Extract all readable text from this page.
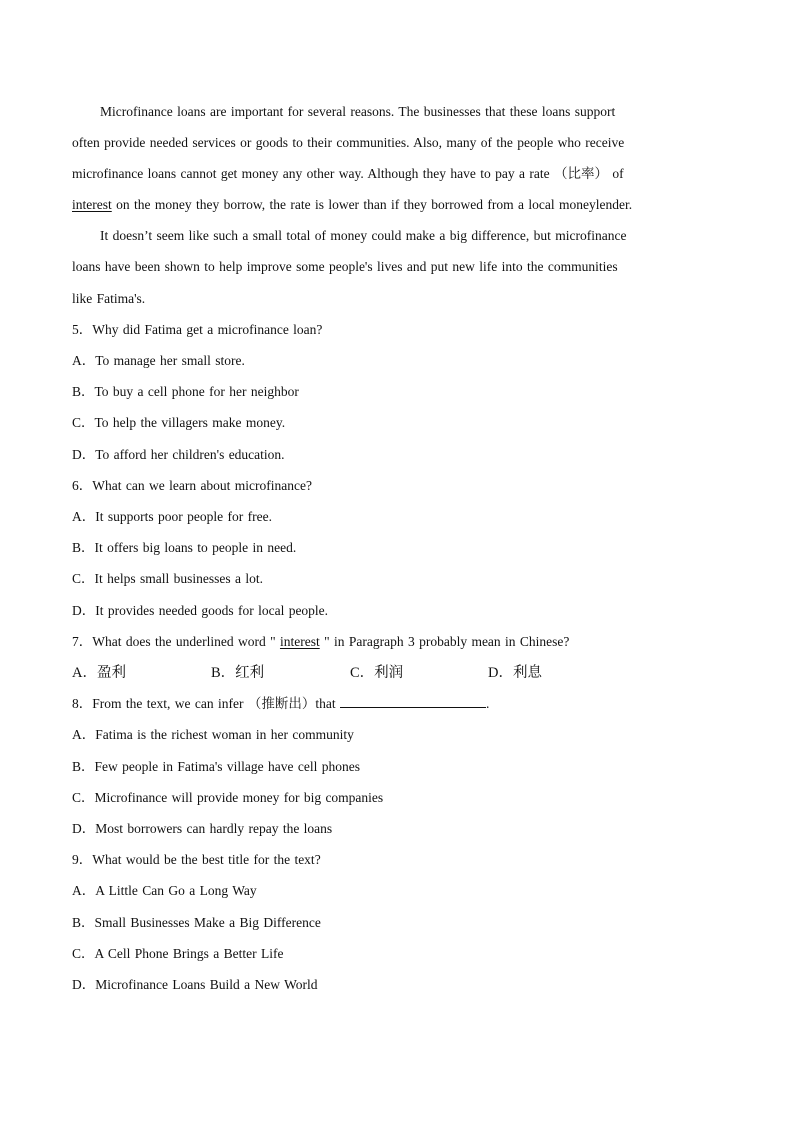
Microfinance loans are important for several reasons. The businesses that these loans support
often provide needed services or goods to their communities. Also, many of the people who receive
microfinance loans cannot get money any other way. Although they have to pay a rate （比率） of
interest on the money they borrow, the rate is lower than if they borrowed from a local moneylender.
It doesn’t seem like such a small total of money could make a big difference, but microfinance
loans have been shown to help improve some people's lives and put new life into the communities
like Fatima's.
5．Why did Fatima get a microfinance loan?
A．To manage her small store.
B．To buy a cell phone for her neighbor
C．To help the villagers make money.
D．To afford her children's education.
6．What can we learn about microfinance?
A．It supports poor people for free.
B．It offers big loans to people in need.
C．It helps small businesses a lot.
D．It provides needed goods for local people.
7．What does the underlined word " interest " in Paragraph 3 probably mean in Chinese?
A．盈利	B．红利	C．利润	D．利息
8．From the text, we can infer （推断出）that	.
A．Fatima is the richest woman in her community
B．Few people in Fatima's village have cell phones
C．Microfinance will provide money for big companies
D．Most borrowers can hardly repay the loans
9．What would be the best title for the text?
A．A Little Can Go a Long Way
B．Small Businesses Make a Big Difference
C．A Cell Phone Brings a Better Life
D．Microfinance Loans Build a New World
